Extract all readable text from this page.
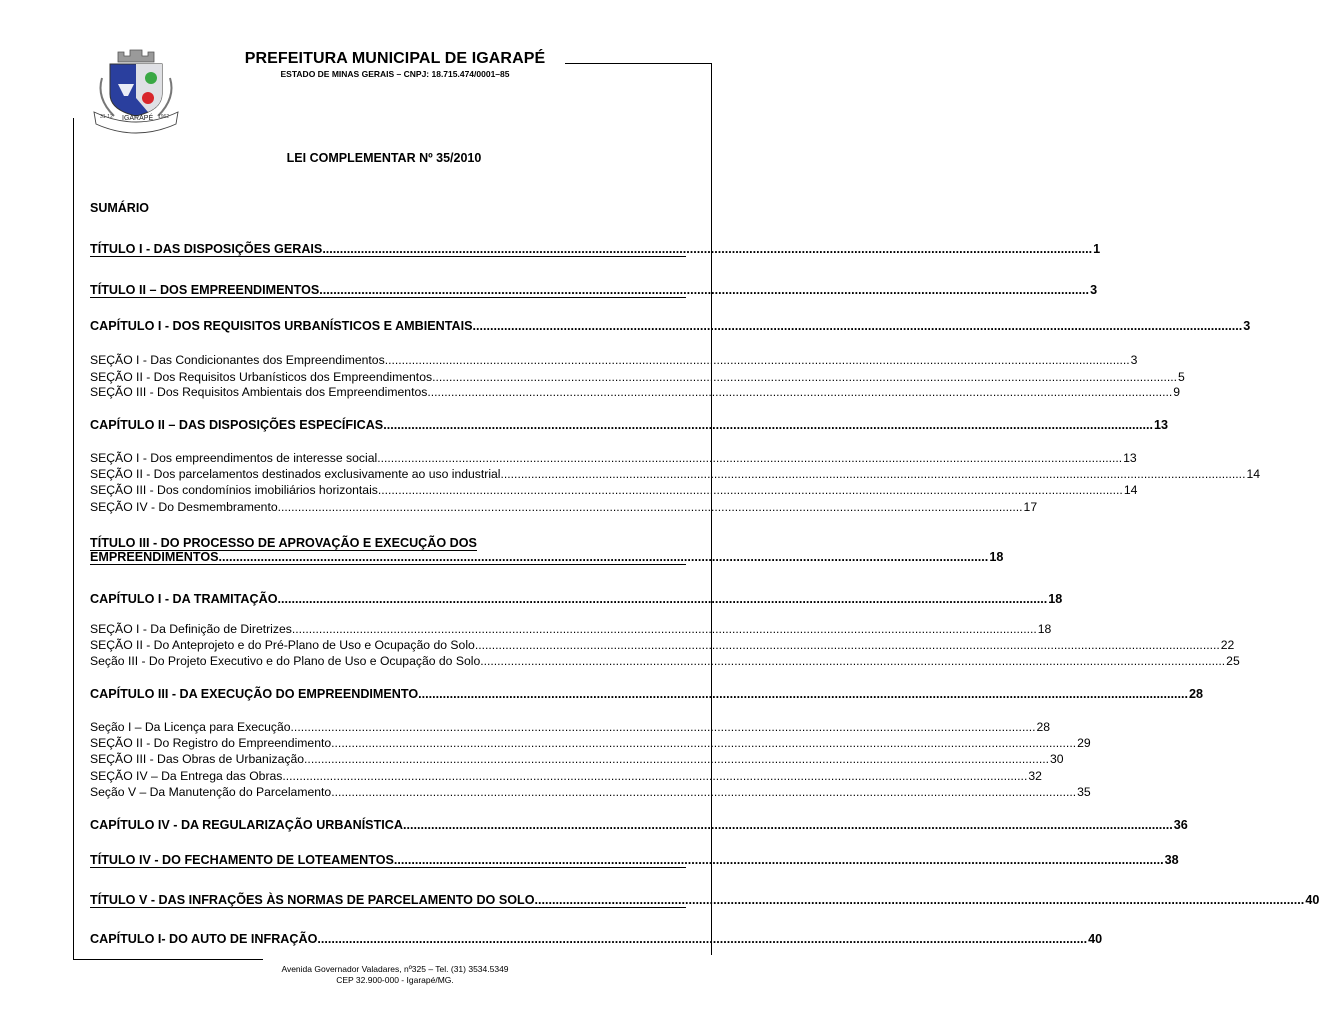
IGARAPÉ
31-12	1962
PREFEITURA MUNICIPAL DE IGARAPÉ
ESTADO DE MINAS GERAIS – CNPJ: 18.715.474/0001–85
LEI COMPLEMENTAR Nº 35/2010
SUMÁRIO
TÍTULO I - DAS DISPOSIÇÕES GERAIS ............................................................................................................................................................................................................................ 1
TÍTULO II – DOS EMPREENDIMENTOS ............................................................................................................................................................................................................................ 3
CAPÍTULO I - DOS REQUISITOS URBANÍSTICOS E AMBIENTAIS ............................................................................................................................................................................................................................ 3
SEÇÃO I - Das Condicionantes dos Empreendimentos ............................................................................................................................................................................................................................ 3
SEÇÃO II - Dos Requisitos Urbanísticos dos Empreendimentos ............................................................................................................................................................................................................................ 5
SEÇÃO III - Dos Requisitos Ambientais dos Empreendimentos ............................................................................................................................................................................................................................ 9
CAPÍTULO II – DAS DISPOSIÇÕES ESPECÍFICAS ............................................................................................................................................................................................................................ 13
SEÇÃO I - Dos empreendimentos de interesse social ............................................................................................................................................................................................................................ 13
SEÇÃO II - Dos parcelamentos destinados exclusivamente ao uso industrial ............................................................................................................................................................................................................................ 14
SEÇÃO III - Dos condomínios imobiliários horizontais ............................................................................................................................................................................................................................ 14
SEÇÃO IV - Do Desmembramento ............................................................................................................................................................................................................................ 17
TÍTULO III - DO PROCESSO DE APROVAÇÃO E EXECUÇÃO DOS
EMPREENDIMENTOS ............................................................................................................................................................................................................................ 18
CAPÍTULO I - DA TRAMITAÇÃO ............................................................................................................................................................................................................................ 18
SEÇÃO I - Da Definição de Diretrizes ............................................................................................................................................................................................................................ 18
SEÇÃO II - Do Anteprojeto e do Pré-Plano de Uso e Ocupação do Solo ............................................................................................................................................................................................................................ 22
Seção III - Do Projeto Executivo e do Plano de Uso e Ocupação do Solo ............................................................................................................................................................................................................................ 25
CAPÍTULO III - DA EXECUÇÃO DO EMPREENDIMENTO ............................................................................................................................................................................................................................ 28
Seção I – Da Licença para Execução ............................................................................................................................................................................................................................ 28
SEÇÃO II - Do Registro do Empreendimento ............................................................................................................................................................................................................................ 29
SEÇÃO III - Das Obras de Urbanização ............................................................................................................................................................................................................................ 30
SEÇÃO IV – Da Entrega das Obras ............................................................................................................................................................................................................................ 32
Seção V – Da Manutenção do Parcelamento ............................................................................................................................................................................................................................ 35
CAPÍTULO IV - DA REGULARIZAÇÃO URBANÍSTICA ............................................................................................................................................................................................................................ 36
TÍTULO IV - DO FECHAMENTO DE LOTEAMENTOS ............................................................................................................................................................................................................................ 38
TÍTULO V - DAS INFRAÇÕES ÀS NORMAS DE PARCELAMENTO DO SOLO ............................................................................................................................................................................................................................ 40
CAPÍTULO I- DO AUTO DE INFRAÇÃO ............................................................................................................................................................................................................................ 40
Avenida Governador Valadares, nº325 – Tel. (31) 3534.5349
CEP 32.900-000 - Igarapé/MG.
